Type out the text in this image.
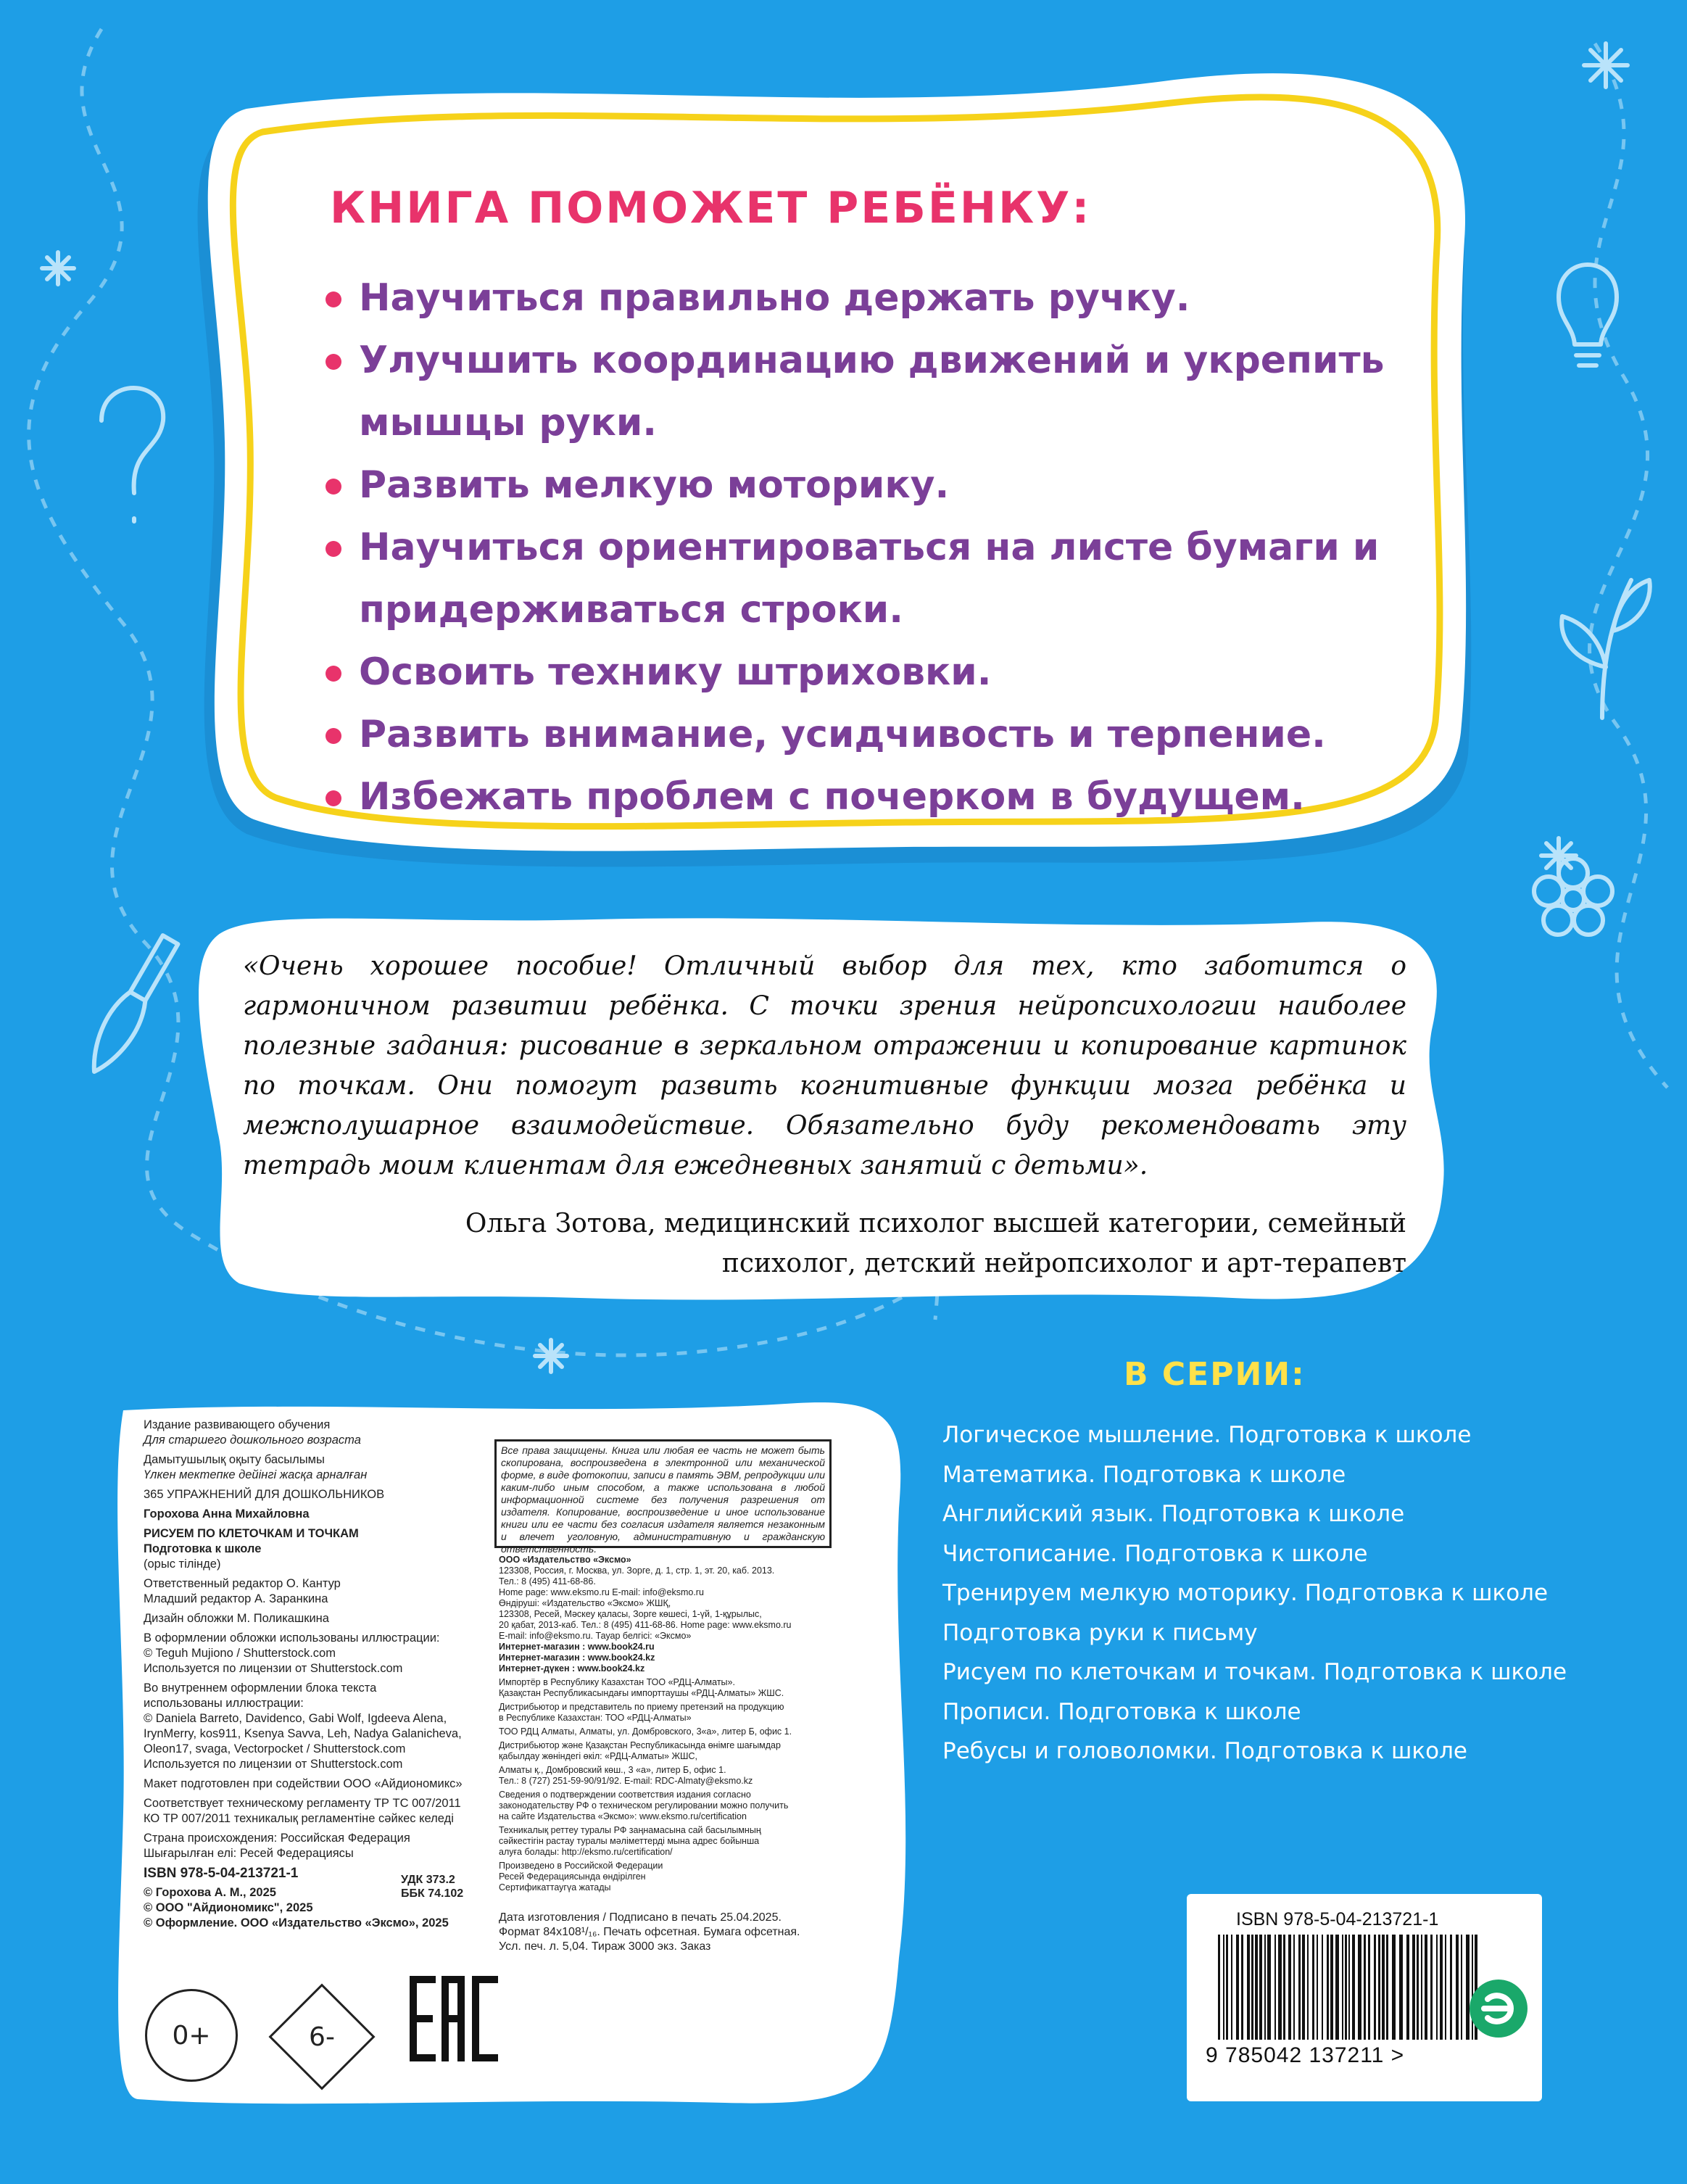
КНИГА ПОМОЖЕТ РЕБЁНКУ:
Научиться правильно держать ручку.
Улучшить координацию движений и укрепить мышцы руки.
Развить мелкую моторику.
Научиться ориентироваться на листе бумаги и придерживаться строки.
Освоить технику штриховки.
Развить внимание, усидчивость и терпение.
Избежать проблем с почерком в будущем.
«Очень хорошее пособие! Отличный выбор для тех, кто заботится о гармоничном развитии ребёнка. С точки зрения нейропсихологии наиболее полезные задания: рисование в зеркальном отражении и копирование картинок по точкам. Они помогут развить когнитивные функции мозга ребёнка и межполушарное взаимодействие. Обязательно буду рекомендовать эту тетрадь моим клиентам для ежедневных занятий с детьми».
Ольга Зотова, медицинский психолог высшей категории, семейный
психолог, детский нейропсихолог и арт-терапевт
Издание развивающего обучения
Для старшего дошкольного возраста
Дамытушылық оқыту басылымы
Үлкен мектепке дейінгі жасқа арналған
365 УПРАЖНЕНИЙ ДЛЯ ДОШКОЛЬНИКОВ
Горохова Анна Михайловна
РИСУЕМ ПО КЛЕТОЧКАМ И ТОЧКАМ
Подготовка к школе
(орыс тілінде)
Ответственный редактор О. Кантур
Младший редактор А. Заранкина
Дизайн обложки М. Поликашкина
В оформлении обложки использованы иллюстрации:
© Teguh Mujiono / Shutterstock.com
Используется по лицензии от Shutterstock.com
Во внутреннем оформлении блока текста
использованы иллюстрации:
© Daniela Barreto, Davidenco, Gabi Wolf, Igdeeva Alena,
IrynMerry, kos911, Ksenya Savva, Leh, Nadya Galanicheva,
Oleon17, svaga, Vectorpocket / Shutterstock.com
Используется по лицензии от Shutterstock.com
Макет подготовлен при содействии ООО «Айдиономикс»
Соответствует техническому регламенту ТР ТС 007/2011
КО ТР 007/2011 техникалық регламентіне сәйкес келеді
Страна происхождения: Российская Федерация
Шығарылған елі: Ресей Федерациясы
ISBN 978-5-04-213721-1
© Горохова А. М., 2025
© ООО "Айдиономикс", 2025
© Оформление. ООО «Издательство «Эксмо», 2025
УДК 373.2
ББК 74.102
Все права защищены. Книга или любая ее часть не может быть скопирована, воспроизведена в электронной или механической форме, в виде фотокопии, записи в память ЭВМ, репродукции или каким-либо иным способом, а также использована в любой информационной системе без получения разрешения от издателя. Копирование, воспроизведение и иное использование книги или ее части без согласия издателя является незаконным и влечет уголовную, административную и гражданскую ответственность.
ООО «Издательство «Эксмо»
123308, Россия, г. Москва, ул. Зорге, д. 1, стр. 1, эт. 20, каб. 2013.
Тел.: 8 (495) 411-68-86.
Home page: www.eksmo.ru E-mail: info@eksmo.ru
Өндіруші: «Издательство «Эксмо» ЖШҚ,
123308, Ресей, Мәскеу қаласы, Зорге көшесі, 1-үй, 1-құрылыс,
20 қабат, 2013-каб. Тел.: 8 (495) 411-68-86. Home page: www.eksmo.ru
E-mail: info@eksmo.ru. Тауар белгісі: «Эксмо»
Интернет-магазин : www.book24.ru
Интернет-магазин : www.book24.kz
Интернет-дүкен : www.book24.kz
Импортёр в Республику Казахстан ТОО «РДЦ-Алматы».
Қазақстан Республикасындағы импорттаушы «РДЦ-Алматы» ЖШС.
Дистрибьютор и представитель по приему претензий на продукцию
в Республике Казахстан: ТОО «РДЦ-Алматы»
ТОО РДЦ Алматы, Алматы, ул. Домбровского, 3«а», литер Б, офис 1.
Дистрибьютор және Қазақстан Республикасында өнімге шағымдар
қабылдау жөніндегі өкіл: «РДЦ-Алматы» ЖШС,
Алматы қ., Домбровский көш., 3 «а», литер Б, офис 1.
Тел.: 8 (727) 251-59-90/91/92. E-mail: RDC-Almaty@eksmo.kz
Сведения о подтверждении соответствия издания согласно
законодательству РФ о техническом регулировании можно получить
на сайте Издательства «Эксмо»: www.eksmo.ru/certification
Техникалық реттеу туралы РФ заңнамасына сай басылымның
сәйкестігін растау туралы мәліметтерді мына адрес бойынша
алуға болады: http://eksmo.ru/certification/
Произведено в Российской Федерации
Ресей Федерациясында өндірілген
Сертификаттаугүа жатады
Дата изготовления / Подписано в печать 25.04.2025.
Формат 84x108¹/₁₆. Печать офсетная. Бумага офсетная.
Усл. печ. л. 5,04. Тираж 3000 экз. Заказ
0+	6-
В СЕРИИ:
Логическое мышление. Подготовка к школе
Математика. Подготовка к школе
Английский язык. Подготовка к школе
Чистописание. Подготовка к школе
Тренируем мелкую моторику. Подготовка к школе
Подготовка руки к письму
Рисуем по клеточкам и точкам. Подготовка к школе
Прописи. Подготовка к школе
Ребусы и головоломки. Подготовка к школе
ISBN 978-5-04-213721-1
9 785042 137211 >
